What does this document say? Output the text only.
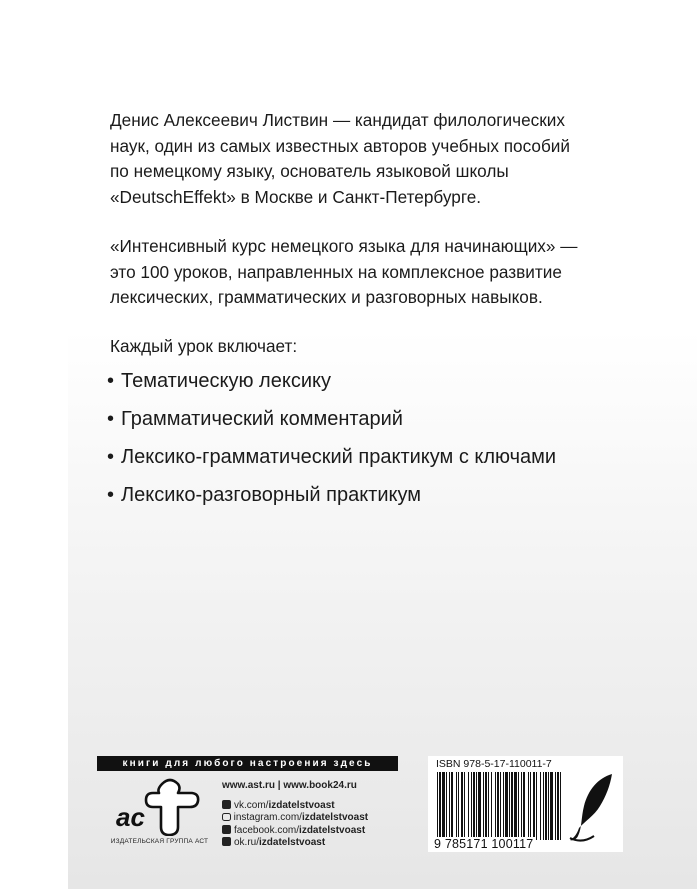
Денис Алексеевич Листвин — кандидат филологических
наук, один из самых известных авторов учебных пособий
по немецкому языку, основатель языковой школы
«DeutschEffekt» в Москве и Санкт-Петербурге.

«Интенсивный курс немецкого языка для начинающих» —
это 100 уроков, направленных на комплексное развитие
лексических, грамматических и разговорных навыков.

Каждый урок включает:

• Тематическую лексику
• Грамматический комментарий
• Лексико-грамматический практикум с ключами
• Лексико-разговорный практикум
книги для любого настроения здесь
ас
ИЗДАТЕЛЬСКАЯ ГРУППА АСТ
www.ast.ru | www.book24.ru
vk.com/izdatelstvoast
instagram.com/izdatelstvoast
facebook.com/izdatelstvoast
ok.ru/izdatelstvoast
ISBN 978-5-17-110011-7
9 785171 100117
